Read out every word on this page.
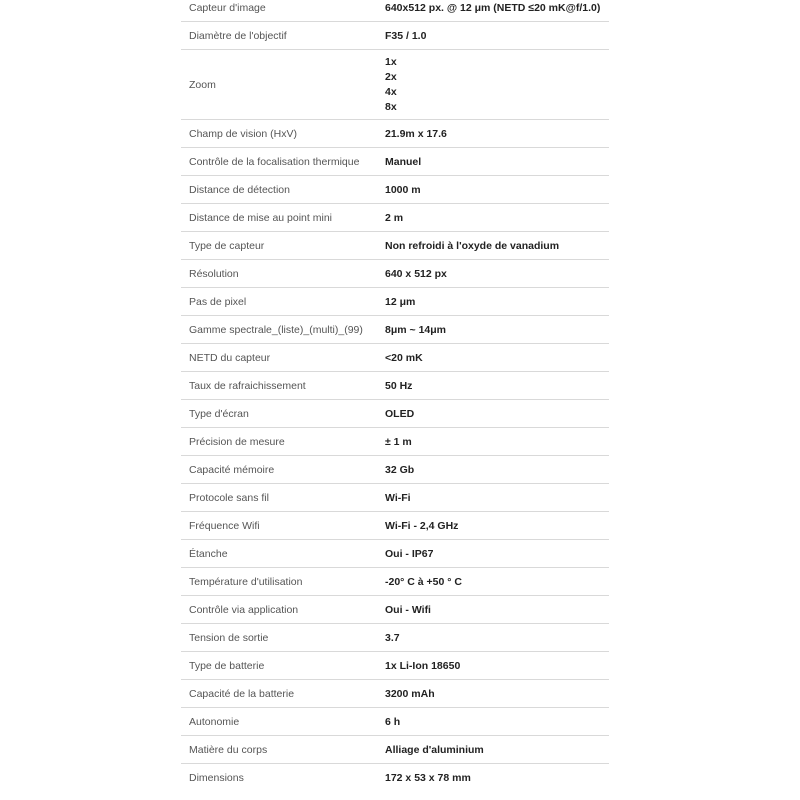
Capteur d'image	640x512 px. @ 12 μm (NETD ≤20 mK@f/1.0)
Diamètre de l'objectif	F35 / 1.0
Zoom	1x
2x
4x
8x

Champ de vision (HxV)	21.9m x 17.6
Contrôle de la focalisation thermique	Manuel
Distance de détection	1000 m
Distance de mise au point mini	2 m
Type de capteur	Non refroidi à l'oxyde de vanadium
Résolution	640 x 512 px
Pas de pixel	12 μm
Gamme spectrale_(liste)_(multi)_(99)	8μm ~ 14μm
NETD du capteur	<20 mK
Taux de rafraichissement	50 Hz
Type d'écran	OLED
Précision de mesure	± 1 m
Capacité mémoire	32 Gb
Protocole sans fil	Wi-Fi
Fréquence Wifi	Wi-Fi - 2,4 GHz
Étanche	Oui - IP67
Température d'utilisation	-20° C à +50 ° C
Contrôle via application	Oui - Wifi
Tension de sortie	3.7
Type de batterie	1x Li-Ion 18650
Capacité de la batterie	3200 mAh
Autonomie	6 h
Matière du corps	Alliage d'aluminium
Dimensions	172 x 53 x 78 mm
